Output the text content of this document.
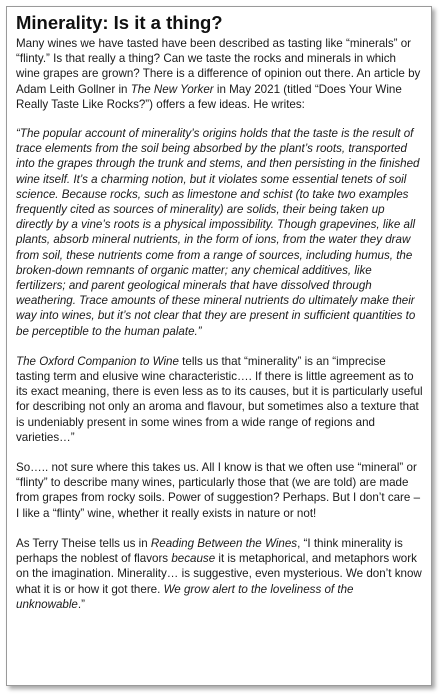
Minerality: Is it a thing?

Many wines we have tasted have been described as tasting like “minerals” or “flinty.” Is that really a thing? Can we taste the rocks and minerals in which wine grapes are grown? There is a difference of opinion out there. An article by Adam Leith Gollner in The New Yorker in May 2021 (titled “Does Your Wine Really Taste Like Rocks?”) offers a few ideas. He writes:

“The popular account of minerality’s origins holds that the taste is the result of trace elements from the soil being absorbed by the plant’s roots, transported into the grapes through the trunk and stems, and then persisting in the finished wine itself. It’s a charming notion, but it violates some essential tenets of soil science. Because rocks, such as limestone and schist (to take two examples frequently cited as sources of minerality) are solids, their being taken up directly by a vine’s roots is a physical impossibility. Though grapevines, like all plants, absorb mineral nutrients, in the form of ions, from the water they draw from soil, these nutrients come from a range of sources, including humus, the broken-down remnants of organic matter; any chemical additives, like fertilizers; and parent geological minerals that have dissolved through weathering. Trace amounts of these mineral nutrients do ultimately make their way into wines, but it’s not clear that they are present in sufficient quantities to be perceptible to the human palate.”

The Oxford Companion to Wine tells us that “minerality” is an “imprecise tasting term and elusive wine characteristic…. If there is little agreement as to its exact meaning, there is even less as to its causes, but it is particularly useful for describing not only an aroma and flavour, but sometimes also a texture that is undeniably present in some wines from a wide range of regions and varieties…”

So….. not sure where this takes us. All I know is that we often use “mineral” or “flinty” to describe many wines, particularly those that (we are told) are made from grapes from rocky soils. Power of suggestion? Perhaps. But I don’t care – I like a “flinty” wine, whether it really exists in nature or not!

As Terry Theise tells us in Reading Between the Wines, “I think minerality is perhaps the noblest of flavors because it is metaphorical, and metaphors work on the imagination. Minerality… is suggestive, even mysterious. We don’t know what it is or how it got there. We grow alert to the loveliness of the unknowable.”
